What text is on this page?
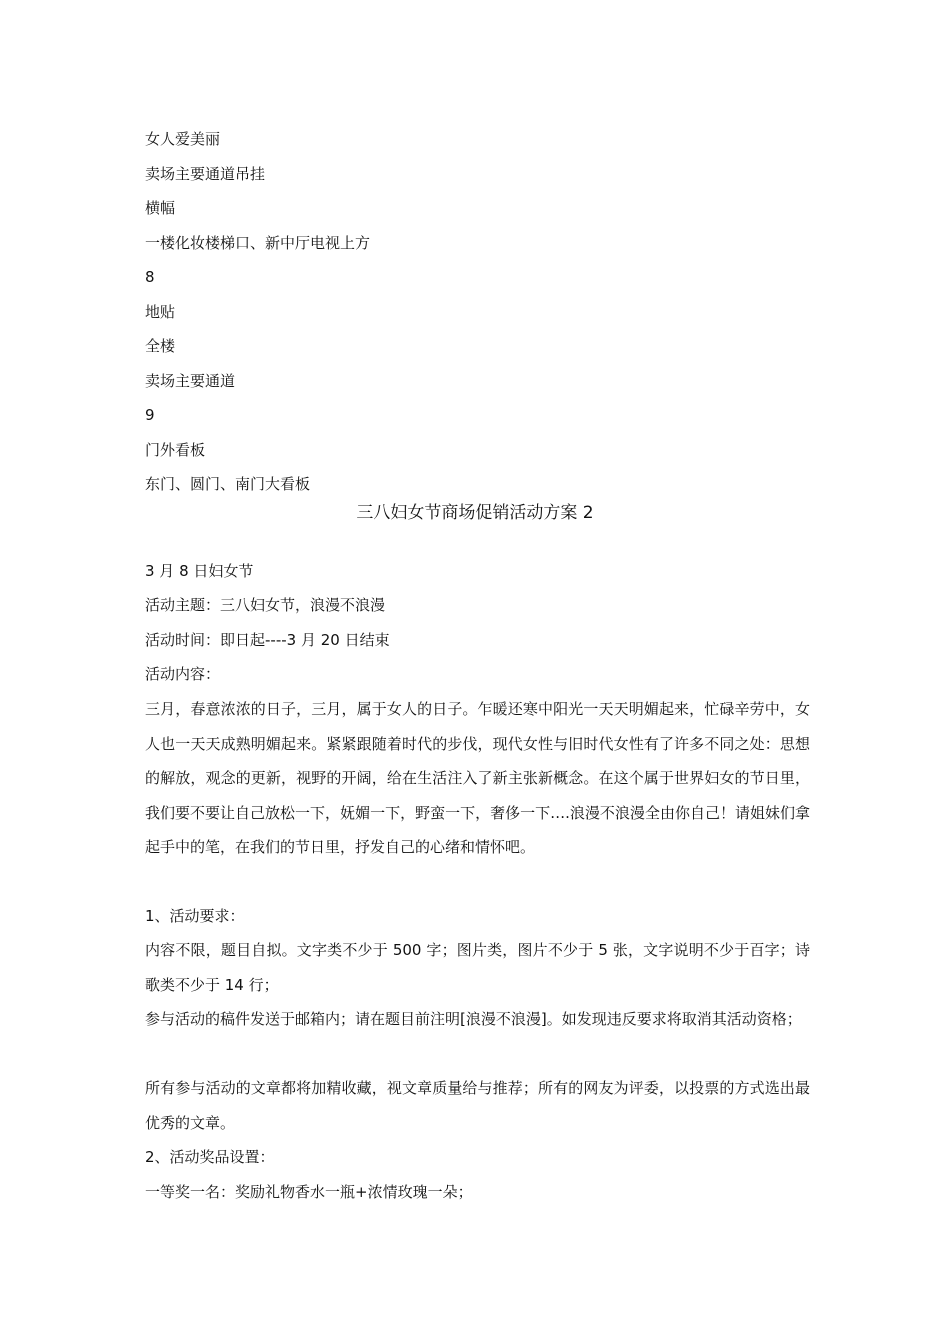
女人爱美丽
卖场主要通道吊挂
横幅
一楼化妆楼梯口、新中厅电视上方
8
地贴
全楼
卖场主要通道
9
门外看板
东门、圆门、南门大看板
三八妇女节商场促销活动方案 2
3 月 8 日妇女节
活动主题：三八妇女节，浪漫不浪漫
活动时间：即日起----3 月 20 日结束
活动内容：

三月，春意浓浓的日子，三月，属于女人的日子。乍暖还寒中阳光一天天明媚起来，忙碌辛劳中，女人也一天天成熟明媚起来。紧紧跟随着时代的步伐，现代女性与旧时代女性有了许多不同之处：思想的解放，观念的更新，视野的开阔，给在生活注入了新主张新概念。在这个属于世界妇女的节日里，我们要不要让自己放松一下，妩媚一下，野蛮一下，奢侈一下….浪漫不浪漫全由你自己！请姐妹们拿起手中的笔，在我们的节日里，抒发自己的心绪和情怀吧。

1、活动要求：

内容不限，题目自拟。文字类不少于 500 字；图片类，图片不少于 5 张，文字说明不少于百字；诗歌类不少于 14 行；

参与活动的稿件发送于邮箱内；请在题目前注明[浪漫不浪漫]。如发现违反要求将取消其活动资格；

所有参与活动的文章都将加精收藏，视文章质量给与推荐；所有的网友为评委，以投票的方式选出最优秀的文章。

2、活动奖品设置：
一等奖一名：奖励礼物香水一瓶+浓情玫瑰一朵；
